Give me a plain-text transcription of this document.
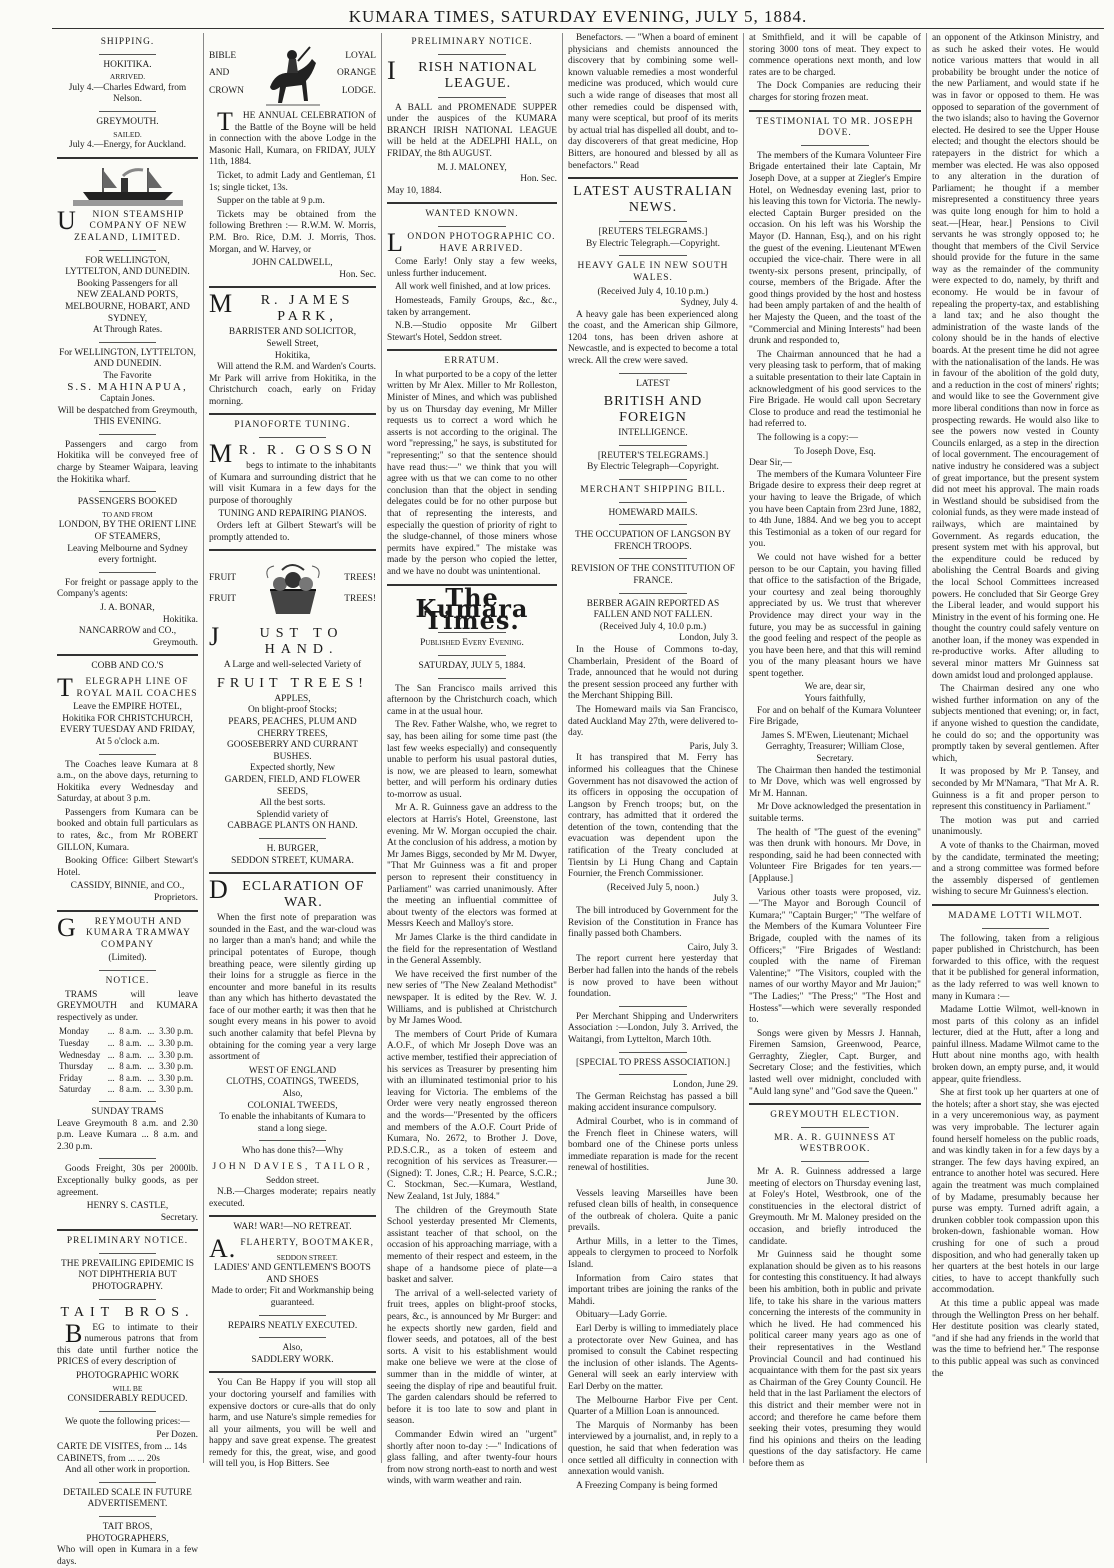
KUMARA TIMES, SATURDAY EVENING, JULY 5, 1884.
SHIPPING.
HOKITIKA.
ARRIVED.
July 4.—Charles Edward, from Nelson.
GREYMOUTH.
SAILED.
July 4.—Energy, for Auckland.
UNION STEAMSHIP COMPANY OF NEW ZEALAND, LIMITED.
FOR WELLINGTON, LYTTELTON, AND DUNEDIN.
Booking Passengers for all
NEW ZEALAND PORTS, MELBOURNE, HOBART, AND SYDNEY,
At Through Rates.
For WELLINGTON, LYTTELTON, AND DUNEDIN.
The Favorite
S.S. MAHINAPUA,
Captain Jones.
Will be despatched from Greymouth, THIS EVENING.

Passengers and cargo from Hokitika will be conveyed free of charge by Steamer Waipara, leaving the Hokitika wharf.

PASSENGERS BOOKED
TO AND FROM
LONDON, BY THE ORIENT LINE OF STEAMERS,
Leaving Melbourne and Sydney every fortnight.

For freight or passage apply to the Company's agents:

J. A. BONAR,
Hokitika.
NANCARROW and CO.,
Greymouth.
COBB AND CO.'S
TELEGRAPH LINE OF ROYAL MAIL COACHES
Leave the EMPIRE HOTEL, Hokitika FOR CHRISTCHURCH, EVERY TUESDAY AND FRIDAY, At 5 o'clock a.m.

The Coaches leave Kumara at 8 a.m., on the above days, returning to Hokitika every Wednesday and Saturday, at about 3 p.m.

Passengers from Kumara can be booked and obtain full particulars as to rates, &c., from Mr ROBERT GILLON, Kumara.

Booking Office: Gilbert Stewart's Hotel.

CASSIDY, BINNIE, and CO.,
Proprietors.
GREYMOUTH AND KUMARA TRAMWAY COMPANY
(Limited).
NOTICE.

TRAMS will leave GREYMOUTH and KUMARA respectively as under.

Monday	...	8 a.m.	...	3.30 p.m.
Tuesday	...	8 a.m.	...	3.30 p.m.
Wednesday	...	8 a.m.	...	3.30 p.m.
Thursday	...	8 a.m.	...	3.30 p.m.
Friday	...	8 a.m.	...	3.30 p.m.
Saturday	...	8 a.m.	...	3.30 p.m.
SUNDAY TRAMS

Leave Greymouth 8 a.m. and 2.30 p.m. Leave Kumara ... 8 a.m. and 2.30 p.m.

Goods Freight, 30s per 2000lb. Exceptionally bulky goods, as per agreement.

HENRY S. CASTLE,
Secretary.
PRELIMINARY NOTICE.
THE PREVAILING EPIDEMIC IS NOT DIPHTHERIA BUT PHOTOGRAPHY.
TAIT BROS.

BEG to intimate to their numerous patrons that from this date until further notice the PRICES of every description of

PHOTOGRAPHIC WORK
WILL BE
CONSIDERABLY REDUCED.

We quote the following prices:—

Per Dozen.
CARTE DE VISITES, from ... 14s
CABINETS, from ... ... 20s

And all other work in proportion.

DETAILED SCALE IN FUTURE ADVERTISEMENT.
TAIT BROS,
PHOTOGRAPHERS,
Who will open in Kumara in a few days.
BIBLE
AND
CROWN
LOYAL
ORANGE
LODGE.

THE ANNUAL CELEBRATION of the Battle of the Boyne will be held in connection with the above Lodge in the Masonic Hall, Kumara, on FRIDAY, JULY 11th, 1884.

Ticket, to admit Lady and Gentleman, £1 1s; single ticket, 13s.

Supper on the table at 9 p.m.

Tickets may be obtained from the following Brethren :— R.W.M. W. Morris, P.M. Bro. Rice, D.M. J. Morris, Thos. Morgan, and W. Harvey, or

JOHN CALDWELL,
Hon. Sec.
MR. JAMES PARK,
BARRISTER AND SOLICITOR,
Sewell Street,
Hokitika,

Will attend the R.M. and Warden's Courts. Mr Park will arrive from Hokitika, in the Christchurch coach, early on Friday morning.

PIANOFORTE TUNING.
MR. R. GOSSON

begs to intimate to the inhabitants of Kumara and surrounding district that he will visit Kumara in a few days for the purpose of thoroughly

TUNING AND REPAIRING PIANOS.

Orders left at Gilbert Stewart's will be promptly attended to.

FRUIT
FRUIT
TREES!
TREES!
JUST TO HAND.
A Large and well-selected Variety of
FRUIT TREES!
APPLES,
On blight-proof Stocks;
PEARS, PEACHES, PLUM AND CHERRY TREES,
GOOSEBERRY AND CURRANT BUSHES.
Expected shortly, New
GARDEN, FIELD, AND FLOWER SEEDS,
All the best sorts.
Splendid variety of
CABBAGE PLANTS ON HAND.
H. BURGER,
SEDDON STREET, KUMARA.
DECLARATION OF WAR.

When the first note of preparation was sounded in the East, and the war-cloud was no larger than a man's hand; and while the principal potentates of Europe, though breathing peace, were silently girding up their loins for a struggle as fierce in the encounter and more baneful in its results than any which has hitherto devastated the face of our mother earth; it was then that he sought every means in his power to avoid such another calamity that befel Plevna by obtaining for the coming year a very large assortment of

WEST OF ENGLAND
CLOTHS, COATINGS, TWEEDS,
Also,
COLONIAL TWEEDS,
To enable the inhabitants of Kumara to stand a long siege.
Who has done this?—Why
JOHN DAVIES, TAILOR,
Seddon street.

N.B.—Charges moderate; repairs neatly executed.

WAR! WAR!—NO RETREAT.
A.FLAHERTY, BOOTMAKER,
SEDDON STREET.
LADIES' AND GENTLEMEN'S BOOTS AND SHOES
Made to order; Fit and Workmanship being guaranteed.
REPAIRS NEATLY EXECUTED.
Also,
SADDLERY WORK.

You Can Be Happy if you will stop all your doctoring yourself and families with expensive doctors or cure-alls that do only harm, and use Nature's simple remedies for all your ailments, you will be well and happy and save great expense. The greatest remedy for this, the great, wise, and good will tell you, is Hop Bitters. See

PRELIMINARY NOTICE.
IRISH NATIONAL LEAGUE.

A BALL and PROMENADE SUPPER under the auspices of the KUMARA BRANCH IRISH NATIONAL LEAGUE will be held at the ADELPHI HALL, on FRIDAY, the 8th AUGUST.

M. J. MALONEY,
Hon. Sec.
May 10, 1884.
WANTED KNOWN.
LONDON PHOTOGRAPHIC CO. HAVE ARRIVED.

Come Early! Only stay a few weeks, unless further inducement.

All work well finished, and at low prices.

Homesteads, Family Groups, &c., &c., taken by arrangement.

N.B.—Studio opposite Mr Gilbert Stewart's Hotel, Seddon street.

ERRATUM.

In what purported to be a copy of the letter written by Mr Alex. Miller to Mr Rolleston, Minister of Mines, and which was published by us on Thursday day evening, Mr Miller requests us to correct a word which he asserts is not according to the original. The word "repressing," he says, is substituted for "representing;" so that the sentence should have read thus:—" we think that you will agree with us that we can come to no other conclusion than that the object in sending delegates could be for no other purpose but that of representing the interests, and especially the question of priority of right to the sludge-channel, of those miners whose permits have expired." The mistake was made by the person who copied the letter, and we have no doubt was unintentional.

The Kumara Times.
Published Every Evening.
SATURDAY, JULY 5, 1884.

The San Francisco mails arrived this afternoon by the Christchurch coach, which came in at the usual hour.

The Rev. Father Walshe, who, we regret to say, has been ailing for some time past (the last few weeks especially) and consequently unable to perform his usual pastoral duties, is now, we are pleased to learn, somewhat better, and will perform his ordinary duties to-morrow as usual.

Mr A. R. Guinness gave an address to the electors at Harris's Hotel, Greenstone, last evening. Mr W. Morgan occupied the chair. At the conclusion of his address, a motion by Mr James Biggs, seconded by Mr M. Dwyer, "That Mr Guinness was a fit and proper person to represent their constituency in Parliament" was carried unanimously. After the meeting an influential committee of about twenty of the electors was formed at Messrs Keech and Malloy's store.

Mr James Clarke is the third candidate in the field for the representation of Westland in the General Assembly.

We have received the first number of the new series of "The New Zealand Methodist" newspaper. It is edited by the Rev. W. J. Williams, and is published at Christchurch by Mr James Wood.

The members of Court Pride of Kumara A.O.F., of which Mr Joseph Dove was an active member, testified their appreciation of his services as Treasurer by presenting him with an illuminated testimonial prior to his leaving for Victoria. The emblems of the Order were very neatly engrossed thereon and the words—"Presented by the officers and members of the A.O.F. Court Pride of Kumara, No. 2672, to Brother J. Dove, P.D.S.C.R., as a token of esteem and recognition of his services as Treasurer.—(Signed): T. Jones, C.R.; H. Pearce, S.C.R.; C. Stockman, Sec.—Kumara, Westland, New Zealand, 1st July, 1884."

The children of the Greymouth State School yesterday presented Mr Clements, assistant teacher of that school, on the occasion of his approaching marriage, with a memento of their respect and esteem, in the shape of a handsome piece of plate—a basket and salver.

The arrival of a well-selected variety of fruit trees, apples on blight-proof stocks, pears, &c., is announced by Mr Burger: and he expects shortly new garden, field and flower seeds, and potatoes, all of the best sorts. A visit to his establishment would make one believe we were at the close of summer than in the middle of winter, at seeing the display of ripe and beautiful fruit. The garden calendars should be referred to before it is too late to sow and plant in season.

Commander Edwin wired an "urgent" shortly after noon to-day :—" Indications of glass falling, and after twenty-four hours from now strong north-east to north and west winds, with warm weather and rain.

Benefactors. — "When a board of eminent physicians and chemists announced the discovery that by combining some well-known valuable remedies a most wonderful medicine was produced, which would cure such a wide range of diseases that most all other remedies could be dispensed with, many were sceptical, but proof of its merits by actual trial has dispelled all doubt, and to-day discoverers of that great medicine, Hop Bitters, are honoured and blessed by all as benefactors." Read

LATEST AUSTRALIAN NEWS.
[REUTERS TELEGRAMS.]
By Electric Telegraph.—Copyright.
HEAVY GALE IN NEW SOUTH WALES.
(Received July 4, 10.10 p.m.)
Sydney, July 4.

A heavy gale has been experienced along the coast, and the American ship Gilmore, 1204 tons, has been driven ashore at Newcastle, and is expected to become a total wreck. All the crew were saved.

LATEST
BRITISH AND FOREIGN
INTELLIGENCE.
[REUTER'S TELEGRAMS.]
By Electric Telegraph—Copyright.
MERCHANT SHIPPING BILL.
HOMEWARD MAILS.
THE OCCUPATION OF LANGSON BY FRENCH TROOPS.
REVISION OF THE CONSTITUTION OF FRANCE.
BERBER AGAIN REPORTED AS FALLEN AND NOT FALLEN.
(Received July 4, 10.0 p.m.)
London, July 3.

In the House of Commons to-day, Chamberlain, President of the Board of Trade, announced that he would not during the present session proceed any further with the Merchant Shipping Bill.

The Homeward mails via San Francisco, dated Auckland May 27th, were delivered to-day.

Paris, July 3.

It has transpired that M. Ferry has informed his colleagues that the Chinese Government has not disavowed the action of its officers in opposing the occupation of Langson by French troops; but, on the contrary, has admitted that it ordered the detention of the town, contending that the evacuation was dependent upon the ratification of the Treaty concluded at Tientsin by Li Hung Chang and Captain Fournier, the French Commissioner.

(Received July 5, noon.)
July 3.

The bill introduced by Government for the Revision of the Constitution in France has finally passed both Chambers.

Cairo, July 3.

The report current here yesterday that Berber had fallen into the hands of the rebels is now proved to have been without foundation.

Per Merchant Shipping and Underwriters Association :—London, July 3. Arrived, the Waitangi, from Lyttelton, March 10th.

[SPECIAL TO PRESS ASSOCIATION.]
London, June 29.

The German Reichstag has passed a bill making accident insurance compulsory.

Admiral Courbet, who is in command of the French fleet in Chinese waters, will bombard one of the Chinese ports unless immediate reparation is made for the recent renewal of hostilities.

June 30.

Vessels leaving Marseilles have been refused clean bills of health, in consequence of the outbreak of cholera. Quite a panic prevails.

Arthur Mills, in a letter to the Times, appeals to clergymen to proceed to Norfolk Island.

Information from Cairo states that important tribes are joining the ranks of the Mahdi.

Obituary—Lady Gorrie.

Earl Derby is willing to immediately place a protectorate over New Guinea, and has promised to consult the Cabinet respecting the inclusion of other islands. The Agents-General will seek an early interview with Earl Derby on the matter.

The Melbourne Harbor Five per Cent. Quarter of a Million Loan is announced.

The Marquis of Normanby has been interviewed by a journalist, and, in reply to a question, he said that when federation was once settled all difficulty in connection with annexation would vanish.

A Freezing Company is being formed

at Smithfield, and it will be capable of storing 3000 tons of meat. They expect to commence operations next month, and low rates are to be charged.

The Dock Companies are reducing their charges for storing frozen meat.

TESTIMONIAL TO MR. JOSEPH DOVE.

The members of the Kumara Volunteer Fire Brigade entertained their late Captain, Mr Joseph Dove, at a supper at Ziegler's Empire Hotel, on Wednesday evening last, prior to his leaving this town for Victoria. The newly-elected Captain Burger presided on the occasion. On his left was his Worship the Mayor (D. Hannan, Esq.), and on his right the guest of the evening. Lieutenant M'Ewen occupied the vice-chair. There were in all twenty-six persons present, principally, of course, members of the Brigade. After the good things provided by the host and hostess had been amply partaken of and the health of her Majesty the Queen, and the toast of the "Commercial and Mining Interests" had been drunk and responded to,

The Chairman announced that he had a very pleasing task to perform, that of making a suitable presentation to their late Captain in acknowledgment of his good services to the Fire Brigade. He would call upon Secretary Close to produce and read the testimonial he had referred to.

The following is a copy:—

To Joseph Dove, Esq.
Dear Sir,—

The members of the Kumara Volunteer Fire Brigade desire to express their deep regret at your having to leave the Brigade, of which you have been Captain from 23rd June, 1882, to 4th June, 1884. And we beg you to accept this Testimonial as a token of our regard for you.

We could not have wished for a better person to be our Captain, you having filled that office to the satisfaction of the Brigade, your courtesy and zeal being thoroughly appreciated by us. We trust that wherever Providence may direct your way in the future, you may be as successful in gaining the good feeling and respect of the people as you have been here, and that this will remind you of the many pleasant hours we have spent together.

We are, dear sir,
Yours faithfully,

For and on behalf of the Kumara Volunteer Fire Brigade,

James S. M'Ewen, Lieutenant; Michael Gerraghty, Treasurer; William Close, Secretary.

The Chairman then handed the testimonial to Mr Dove, which was well engrossed by Mr M. Hannan.

Mr Dove acknowledged the presentation in suitable terms.

The health of "The guest of the evening" was then drunk with honours. Mr Dove, in responding, said he had been connected with Volunteer Fire Brigades for ten years.—[Applause.]

Various other toasts were proposed, viz.—"The Mayor and Borough Council of Kumara;" "Captain Burger;" "The welfare of the Members of the Kumara Volunteer Fire Brigade, coupled with the names of its Officers;" "Fire Brigades of Westland: coupled with the name of Fireman Valentine;" "The Visitors, coupled with the names of our worthy Mayor and Mr Jauion;" "The Ladies;" "The Press;" "The Host and Hostess"—which were severally responded to.

Songs were given by Messrs J. Hannah, Firemen Samsion, Greenwood, Pearce, Gerraghty, Ziegler, Capt. Burger, and Secretary Close; and the festivities, which lasted well over midnight, concluded with "Auld lang syne" and "God save the Queen."

GREYMOUTH ELECTION.
MR. A. R. GUINNESS AT WESTBROOK.

Mr A. R. Guinness addressed a large meeting of electors on Thursday evening last, at Foley's Hotel, Westbrook, one of the constituencies in the electoral district of Greymouth. Mr M. Maloney presided on the occasion, and briefly introduced the candidate.

Mr Guinness said he thought some explanation should be given as to his reasons for contesting this constituency. It had always been his ambition, both in public and private life, to take his share in the various matters concerning the interests of the community in which he lived. He had commenced his political career many years ago as one of their representatives in the Westland Provincial Council and had continued his acquaintance with them for the past six years as Chairman of the Grey County Council. He held that in the last Parliament the electors of this district and their member were not in accord; and therefore he came before them seeking their votes, presuming they would find his opinions and theirs on the leading questions of the day satisfactory. He came before them as

an opponent of the Atkinson Ministry, and as such he asked their votes. He would notice various matters that would in all probability be brought under the notice of the new Parliament, and would state if he was in favor or opposed to them. He was opposed to separation of the government of the two islands; also to having the Governor elected. He desired to see the Upper House elected; and thought the electors should be ratepayers in the district for which a member was elected. He was also opposed to any alteration in the duration of Parliament; he thought if a member misrepresented a constituency three years was quite long enough for him to hold a seat.—[Hear, hear.] Pensions to Civil servants he was strongly opposed to; he thought that members of the Civil Service should provide for the future in the same way as the remainder of the community were expected to do, namely, by thrift and economy. He would be in favour of repealing the property-tax, and establishing a land tax; and he also thought the administration of the waste lands of the colony should be in the hands of elective boards. At the present time he did not agree with the nationalisation of the lands. He was in favour of the abolition of the gold duty, and a reduction in the cost of miners' rights; and would like to see the Government give more liberal conditions than now in force as prospecting rewards. He would also like to see the powers now vested in County Councils enlarged, as a step in the direction of local government. The encouragement of native industry he considered was a subject of great importance, but the present system did not meet his approval. The main roads in Westland should be subsidised from the colonial funds, as they were made instead of railways, which are maintained by Government. As regards education, the present system met with his approval, but the expenditure could be reduced by abolishing the Central Boards and giving the local School Committees increased powers. He concluded that Sir George Grey the Liberal leader, and would support his Ministry in the event of his forming one. He thought the country could safely venture on another loan, if the money was expended in re-productive works. After alluding to several minor matters Mr Guinness sat down amidst loud and prolonged applause.

The Chairman desired any one who wished further information on any of the subjects mentioned that evening; or, in fact, if anyone wished to question the candidate, he could do so; and the opportunity was promptly taken by several gentlemen. After which,

It was proposed by Mr P. Tansey, and seconded by Mr M'Namara, "That Mr A. R. Guinness is a fit and proper person to represent this constituency in Parliament."

The motion was put and carried unanimously.

A vote of thanks to the Chairman, moved by the candidate, terminated the meeting; and a strong committee was formed before the assembly dispersed of gentlemen wishing to secure Mr Guinness's election.

MADAME LOTTI WILMOT.

The following, taken from a religious paper published in Christchurch, has been forwarded to this office, with the request that it be published for general information, as the lady referred to was well known to many in Kumara :—

Madame Lottie Wilmot, well-known in most parts of this colony as an infidel lecturer, died at the Hutt, after a long and painful illness. Madame Wilmot came to the Hutt about nine months ago, with health broken down, an empty purse, and, it would appear, quite friendless.

She at first took up her quarters at one of the hotels; after a short stay, she was ejected in a very unceremonious way, as payment was very improbable. The lecturer again found herself homeless on the public roads, and was kindly taken in for a few days by a stranger. The few days having expired, an entrance to another hotel was secured. Here again the treatment was much complained of by Madame, presumably because her purse was empty. Turned adrift again, a drunken cobbler took compassion upon this broken-down, fashionable woman. How crushing for one of such a proud disposition, and who had generally taken up her quarters at the best hotels in our large cities, to have to accept thankfully such accommodation.

At this time a public appeal was made through the Wellington Press on her behalf. Her destitute position was clearly stated, "and if she had any friends in the world that was the time to befriend her." The response to this public appeal was such as convinced the
